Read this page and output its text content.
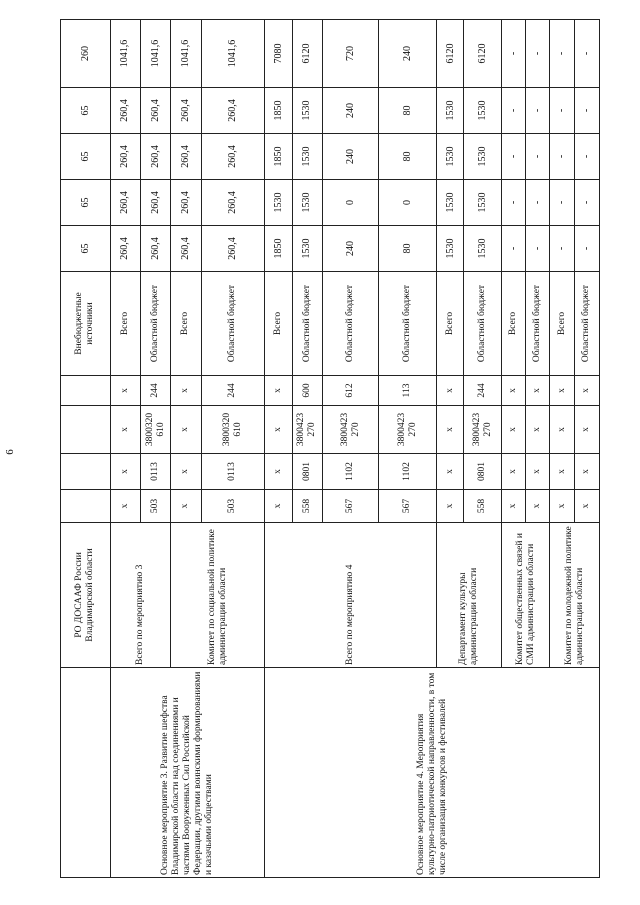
6
	РО ДОСААФ России Владимирской области					Внебюджетные источники	65	65	65	65	260
Основное мероприятие 3. Развитие шефства Владимирской области над соединениями и частями Вооруженных Сил Российской Федерации, другими воинскими формированиями и казачьими обществами	Всего по мероприятию 3	x	x	x	x	Всего	260,4	260,4	260,4	260,4	1041,6
		503	0113	3800320 610	244	Областной бюджет	260,4	260,4	260,4	260,4	1041,6
	Комитет по социальной политике администрации области	x	x	x	x	Всего	260,4	260,4	260,4	260,4	1041,6
		503	0113	3800320 610	244	Областной бюджет	260,4	260,4	260,4	260,4	1041,6
Основное мероприятие 4. Мероприятия культурно-патриотической направленности, в том числе организация конкурсов и фестивалей	Всего по мероприятию 4	x	x	x	x	Всего	1850	1530	1850	1850	7080
		558	0801	3800423 270	600	Областной бюджет	1530	1530	1530	1530	6120
		567	1102	3800423 270	612	Областной бюджет	240	0	240	240	720
		567	1102	3800423 270	113	Областной бюджет	80	0	80	80	240
	Департамент культуры администрации области	x	x	x	x	Всего	1530	1530	1530	1530	6120
		558	0801	3800423 270	244	Областной бюджет	1530	1530	1530	1530	6120
	Комитет общественных связей и СМИ администрации области	x	x	x	x	Всего	-	-	-	-	-
		x	x	x	x	Областной бюджет	-	-	-	-	-
	Комитет по молодежной политике администрации области	x	x	x	x	Всего	-	-	-	-	-
		x	x	x	x	Областной бюджет	-	-	-	-	-
